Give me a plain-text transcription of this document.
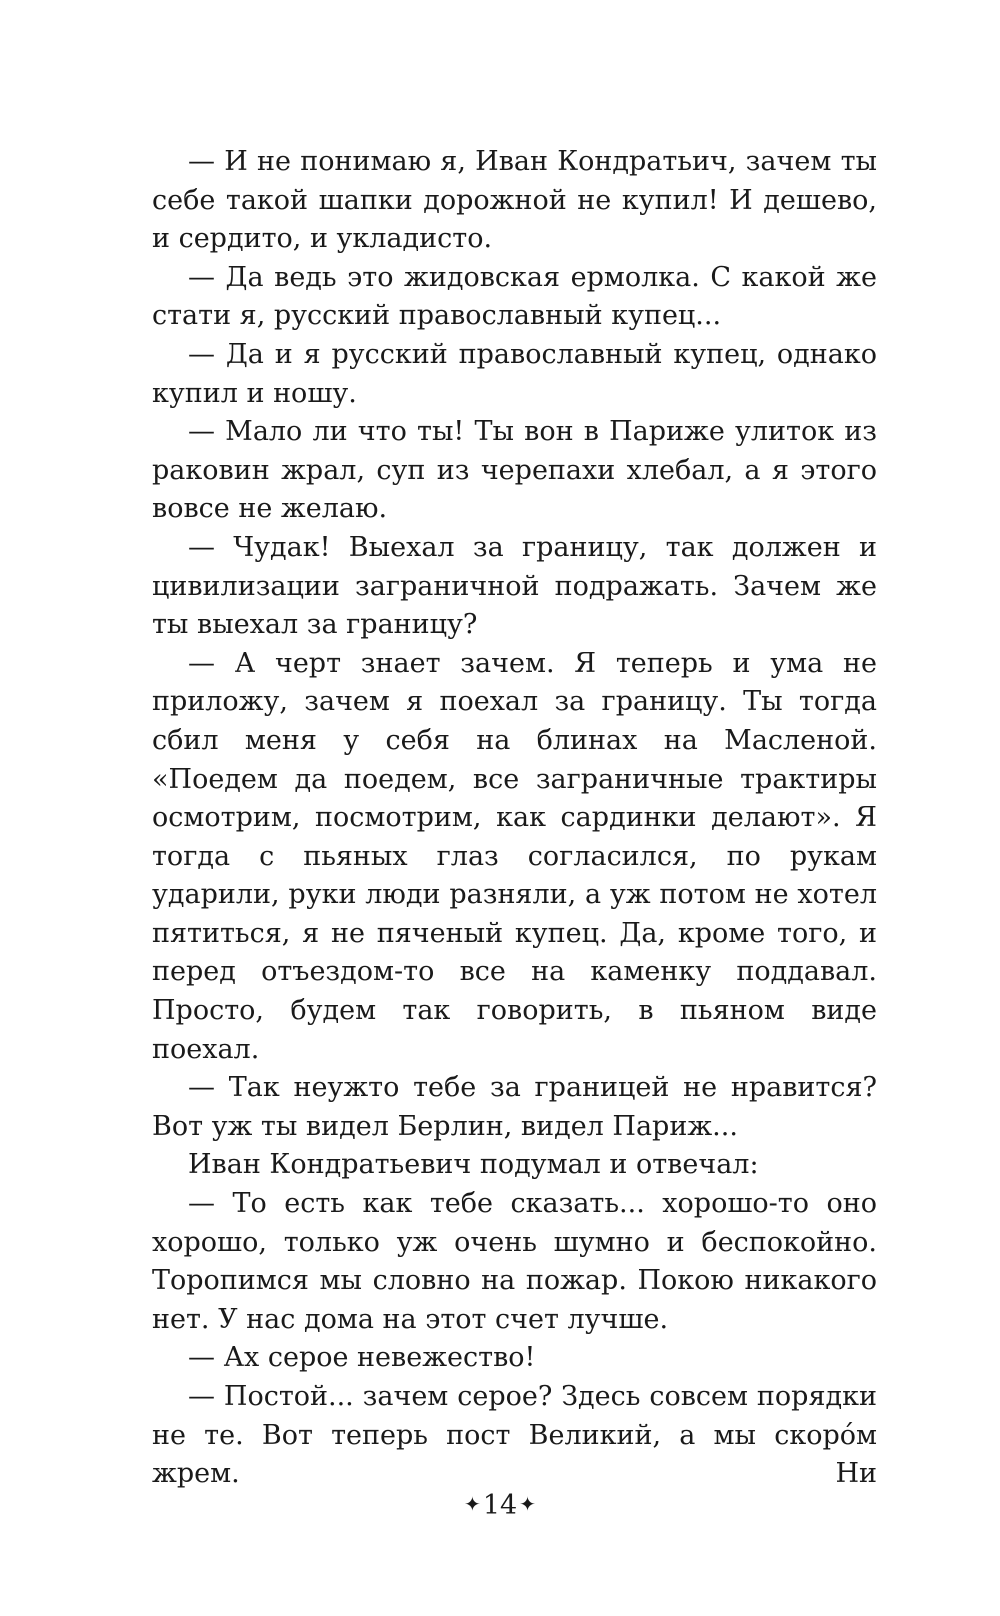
— И не понимаю я, Иван Кондратьич, зачем ты себе такой шапки дорожной не купил! И дешево, и сердито, и укладисто.

— Да ведь это жидовская ермолка. С какой же стати я, русский православный купец...

— Да и я русский православный купец, однако купил и ношу.

— Мало ли что ты! Ты вон в Париже улиток из раковин жрал, суп из черепахи хлебал, а я этого вовсе не желаю.

— Чудак! Выехал за границу, так должен и цивилизации заграничной подражать. Зачем же ты выехал за границу?

— А черт знает зачем. Я теперь и ума не приложу, зачем я поехал за границу. Ты тогда сбил меня у себя на блинах на Масленой. «Поедем да поедем, все заграничные трактиры осмотрим, посмотрим, как сардинки делают». Я тогда с пьяных глаз согласился, по рукам ударили, руки люди разняли, а уж потом не хотел пятиться, я не пяченый купец. Да, кроме того, и перед отъездом-то все на каменку поддавал. Просто, будем так говорить, в пьяном виде поехал.

— Так неужто тебе за границей не нравится? Вот уж ты видел Берлин, видел Париж...

Иван Кондратьевич подумал и отвечал:

— То есть как тебе сказать... хорошо-то оно хорошо, только уж очень шумно и беспокойно. Торопимся мы словно на пожар. Покою никакого нет. У нас дома на этот счет лучше.

— Ах серое невежество!

— Постой... зачем серое? Здесь совсем порядки не те. Вот теперь пост Великий, а мы скоро́м жрем. Ни

✦14 ✦
